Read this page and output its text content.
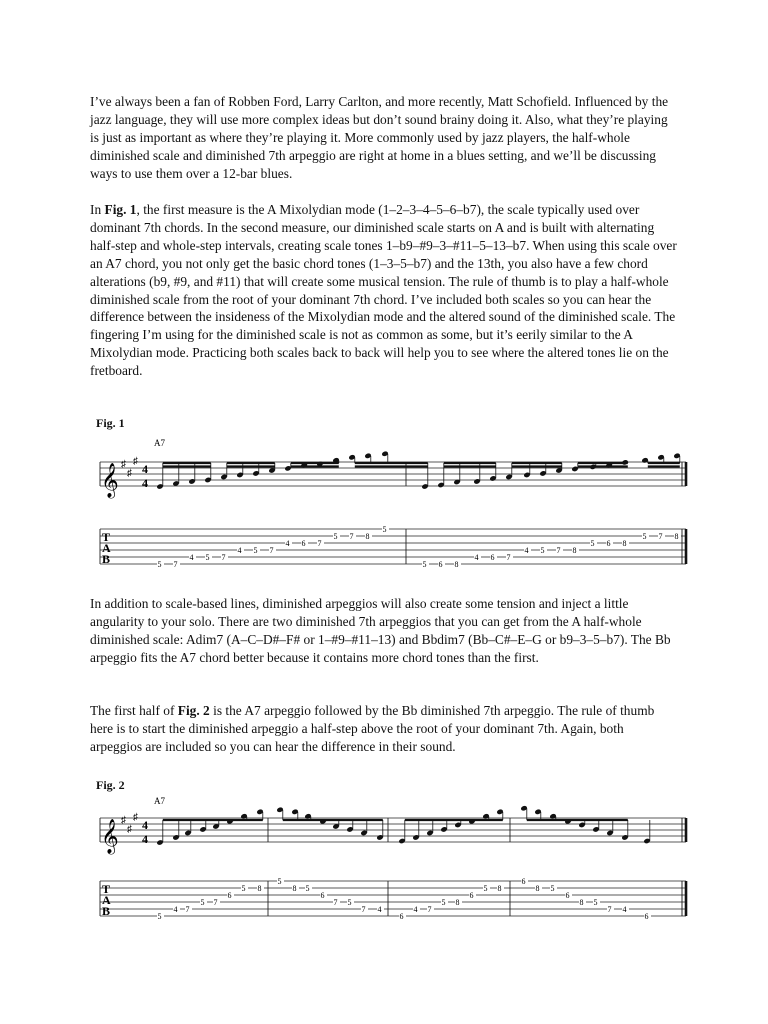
I’ve always been a fan of Robben Ford, Larry Carlton, and more recently, Matt Schofield. Influenced by the jazz language, they will use more complex ideas but don’t sound brainy doing it. Also, what they’re playing is just as important as where they’re playing it. More commonly used by jazz players, the half-whole diminished scale and diminished 7th arpeggio are right at home in a blues setting, and we’ll be discussing ways to use them over a 12-bar blues.

In Fig. 1, the first measure is the A Mixolydian mode (1–2–3–4–5–6–b7), the scale typically used over dominant 7th chords. In the second measure, our diminished scale starts on A and is built with alternating half-step and whole-step intervals, creating scale tones 1–b9–#9–3–#11–5–13–b7. When using this scale over an A7 chord, you not only get the basic chord tones (1–3–5–b7) and the 13th, you also have a few chord alterations (b9, #9, and #11) that will create some musical tension. The rule of thumb is to play a half-whole diminished scale from the root of your dominant 7th chord. I’ve included both scales so you can hear the difference between the insideness of the Mixolydian mode and the altered sound of the diminished scale. The fingering I’m using for the diminished scale is not as common as some, but it’s eerily similar to the A Mixolydian mode. Practicing both scales back to back will help you to see where the altered tones lie on the fretboard.

Fig. 1
A7
𝄞 ♯
♯
♯
4
4
T
A
B	5 7
4 5 7
4 5 7
4 6 7
5 7 8
5
5 6 8
4 6 7
4 5 7 8
5 6 8
5 7 8

In addition to scale-based lines, diminished arpeggios will also create some tension and inject a little angularity to your solo. There are two diminished 7th arpeggios that you can get from the A half-whole diminished scale: Adim7 (A–C–D#–F# or 1–#9–#11–13) and Bbdim7 (Bb–C#–E–G or b9–3–5–b7). The Bb arpeggio fits the A7 chord better because it contains more chord tones than the first.

The first half of Fig. 2 is the A7 arpeggio followed by the Bb diminished 7th arpeggio. The rule of thumb here is to start the diminished arpeggio a half-step above the root of your dominant 7th. Again, both arpeggios are included so you can hear the difference in their sound.

Fig. 2
A7
𝄞 ♯
♯
♯
4
4
T
A
B	5
4 7
5 7
6
5 8
5
8 5
6
7 5
7 4
6
4 7
5 8
6
5 8
6
8 5
6
8 5
7 4
6
